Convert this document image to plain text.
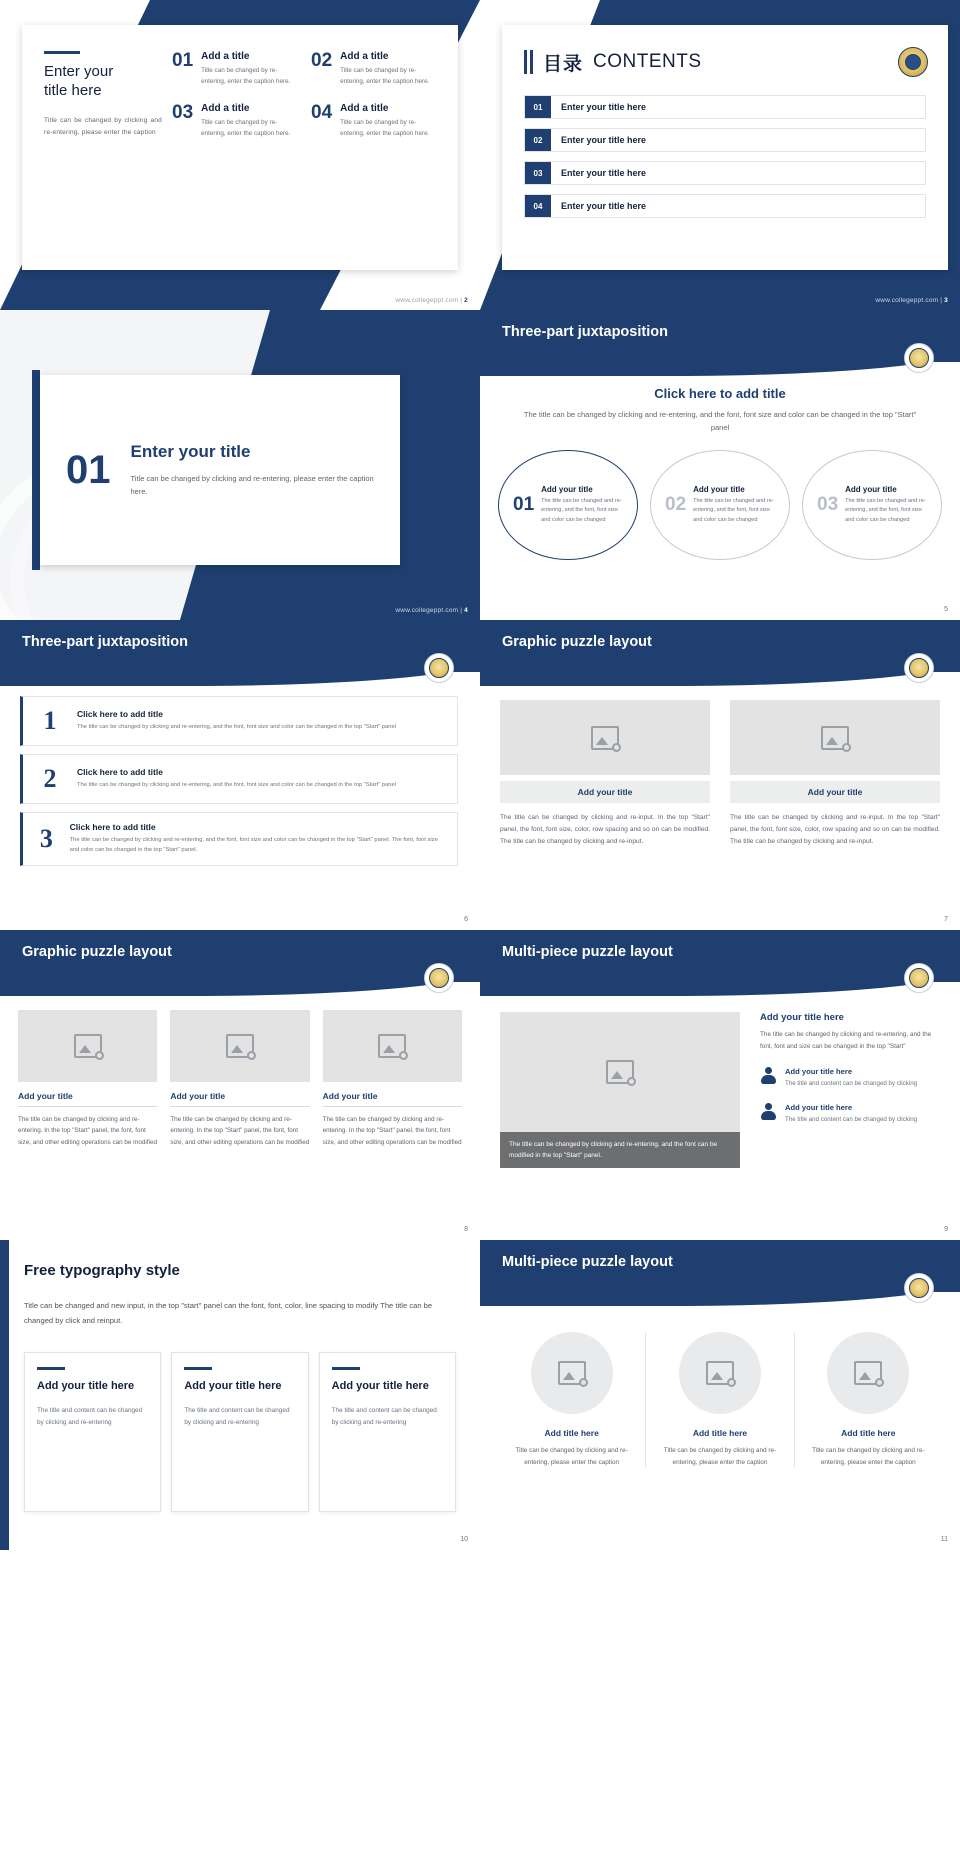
Enter your
title here
Title can be changed by clicking and re-entering, please enter the caption
01 Add a title
Title can be changed by re-entering, enter the caption here.
02 Add a title
Title can be changed by re-entering, enter the caption here.
03 Add a title
Title can be changed by re-entering, enter the caption here.
04 Add a title
Title can be changed by re-entering, enter the caption here.
www.collegeppt.com | 2
目录 CONTENTS
01	Enter your title here
02	Enter your title here
03	Enter your title here
04	Enter your title here
www.collegeppt.com | 3
01 Enter your title
Title can be changed by clicking and re-entering, please enter the caption here.
www.collegeppt.com | 4
Three-part juxtaposition
Click here to add title
The title can be changed by clicking and re-entering, and the font, font size and color can be changed in the top "Start" panel
01
Add your title
The title can be changed and re-entering, and the font, font size and color can be changed
02
Add your title
The title can be changed and re-entering, and the font, font size and color can be changed
03
Add your title
The title can be changed and re-entering, and the font, font size and color can be changed
5
Three-part juxtaposition
1	Click here to add title
The title can be changed by clicking and re-entering, and the font, font size and color can be changed in the top "Start" panel
2	Click here to add title
The title can be changed by clicking and re-entering, and the font, font size and color can be changed in the top "Start" panel
3	Click here to add title
The title can be changed by clicking and re-entering, and the font, font size and color can be changed in the top "Start" panel. The font, font size and color can be changed in the top "Start" panel.
6
Graphic puzzle layout
Add your title
The title can be changed by clicking and re-input. In the top "Start" panel, the font, font size, color, row spacing and so on can be modified. The title can be changed by clicking and re-input.
Add your title
The title can be changed by clicking and re-input. In the top "Start" panel, the font, font size, color, row spacing and so on can be modified. The title can be changed by clicking and re-input.
7
Graphic puzzle layout
Add your title
The title can be changed by clicking and re-entering. In the top "Start" panel, the font, font size, and other editing operations can be modified
Add your title
The title can be changed by clicking and re-entering. In the top "Start" panel, the font, font size, and other editing operations can be modified
Add your title
The title can be changed by clicking and re-entering. In the top "Start" panel, the font, font size, and other editing operations can be modified
8
Multi-piece puzzle layout
The title can be changed by clicking and re-entering, and the font can be modified in the top "Start" panel.
Add your title here
The title can be changed by clicking and re-entering, and the font, font and size can be changed in the top "Start"
Add your title here
The title and content can be changed by clicking
Add your title here
The title and content can be changed by clicking
9
Free typography style
Title can be changed and new input, in the top "start" panel can the font, font, color, line spacing to modify The title can be changed by click and reinput.
Add your title here
The title and content can be changed by clicking and re-entering
Add your title here
The title and content can be changed by clicking and re-entering
Add your title here
The title and content can be changed by clicking and re-entering
10
Multi-piece puzzle layout
Add title here
Title can be changed by clicking and re-entering, please enter the caption
Add title here
Title can be changed by clicking and re-entering, please enter the caption
Add title here
Title can be changed by clicking and re-entering, please enter the caption
11
